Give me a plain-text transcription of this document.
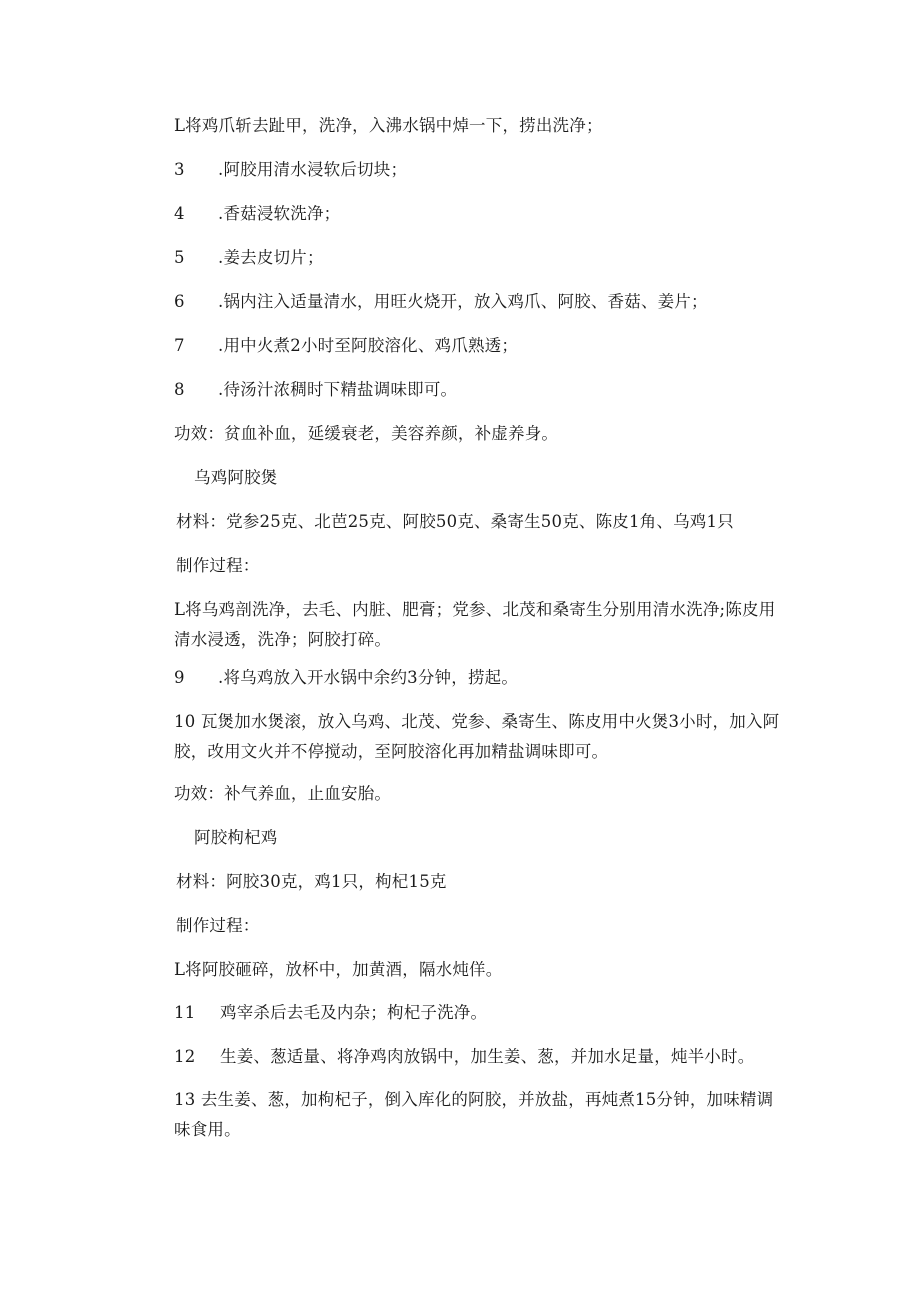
L将鸡爪斩去趾甲，洗净，入沸水锅中焯一下，捞出洗净；
3 .阿胶用清水浸软后切块；
4 .香菇浸软洗净；
5 .姜去皮切片；
6 .锅内注入适量清水，用旺火烧开，放入鸡爪、阿胶、香菇、姜片；
7 .用中火煮2小时至阿胶溶化、鸡爪熟透；
8 .待汤汁浓稠时下精盐调味即可。
功效：贫血补血，延缓衰老，美容养颜，补虚养身。
乌鸡阿胶煲
材料：党参25克、北芭25克、阿胶50克、桑寄生50克、陈皮1角、乌鸡1只
制作过程：
L将乌鸡剖洗净，去毛、内脏、肥膏；党参、北茂和桑寄生分别用清水洗净;陈皮用清水浸透，洗净；阿胶打碎。
9 .将乌鸡放入开水锅中余约3分钟，捞起。
10 瓦煲加水煲滚，放入乌鸡、北茂、党参、桑寄生、陈皮用中火煲3小时，加入阿胶，改用文火并不停搅动，至阿胶溶化再加精盐调味即可。
功效：补气养血，止血安胎。
阿胶枸杞鸡
材料：阿胶30克，鸡1只，枸杞15克
制作过程：
L将阿胶砸碎，放杯中，加黄酒，隔水炖佯。
11 鸡宰杀后去毛及内杂；枸杞子洗净。
12 生姜、葱适量、将净鸡肉放锅中，加生姜、葱，并加水足量，炖半小时。
13 去生姜、葱，加枸杞子，倒入库化的阿胶，并放盐，再炖煮15分钟，加味精调味食用。
